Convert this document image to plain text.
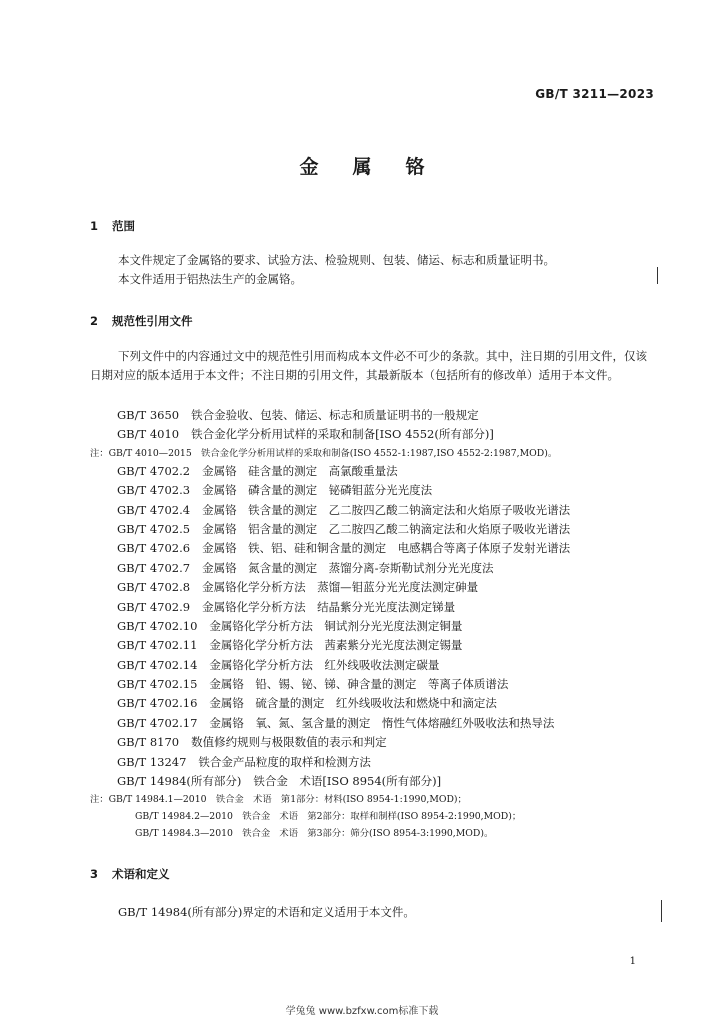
GB/T 3211—2023
金属铬
1 范围
本文件规定了金属铬的要求、试验方法、检验规则、包装、储运、标志和质量证明书。
本文件适用于铝热法生产的金属铬。
2 规范性引用文件
下列文件中的内容通过文中的规范性引用而构成本文件必不可少的条款。其中，注日期的引用文件，仅该日期对应的版本适用于本文件；不注日期的引用文件，其最新版本（包括所有的修改单）适用于本文件。
GB/T 3650 铁合金验收、包装、储运、标志和质量证明书的一般规定
GB/T 4010 铁合金化学分析用试样的采取和制备[ISO 4552(所有部分)]
注：GB/T 4010—2015　铁合金化学分析用试样的采取和制备(ISO 4552-1:1987,ISO 4552-2:1987,MOD)。
GB/T 4702.2 金属铬　硅含量的测定　高氯酸重量法
GB/T 4702.3 金属铬　磷含量的测定　铋磷钼蓝分光光度法
GB/T 4702.4 金属铬　铁含量的测定　乙二胺四乙酸二钠滴定法和火焰原子吸收光谱法
GB/T 4702.5 金属铬　铝含量的测定　乙二胺四乙酸二钠滴定法和火焰原子吸收光谱法
GB/T 4702.6 金属铬　铁、铝、硅和铜含量的测定　电感耦合等离子体原子发射光谱法
GB/T 4702.7 金属铬　氮含量的测定　蒸馏分离-奈斯勒试剂分光光度法
GB/T 4702.8 金属铬化学分析方法　蒸馏—钼蓝分光光度法测定砷量
GB/T 4702.9 金属铬化学分析方法　结晶紫分光光度法测定锑量
GB/T 4702.10 金属铬化学分析方法　铜试剂分光光度法测定铜量
GB/T 4702.11 金属铬化学分析方法　茜素紫分光光度法测定锡量
GB/T 4702.14 金属铬化学分析方法　红外线吸收法测定碳量
GB/T 4702.15 金属铬　铅、锡、铋、锑、砷含量的测定　等离子体质谱法
GB/T 4702.16 金属铬　硫含量的测定　红外线吸收法和燃烧中和滴定法
GB/T 4702.17 金属铬　氧、氮、氢含量的测定　惰性气体熔融红外吸收法和热导法
GB/T 8170 数值修约规则与极限数值的表示和判定
GB/T 13247 铁合金产品粒度的取样和检测方法
GB/T 14984(所有部分) 铁合金　术语[ISO 8954(所有部分)]
注：GB/T 14984.1—2010　铁合金　术语　第1部分：材料(ISO 8954-1:1990,MOD)；
GB/T 14984.2—2010　铁合金　术语　第2部分：取样和制样(ISO 8954-2:1990,MOD)；
GB/T 14984.3—2010　铁合金　术语　第3部分：筛分(ISO 8954-3:1990,MOD)。
3 术语和定义
GB/T 14984(所有部分)界定的术语和定义适用于本文件。
1
学兔兔 www.bzfxw.com标准下载
